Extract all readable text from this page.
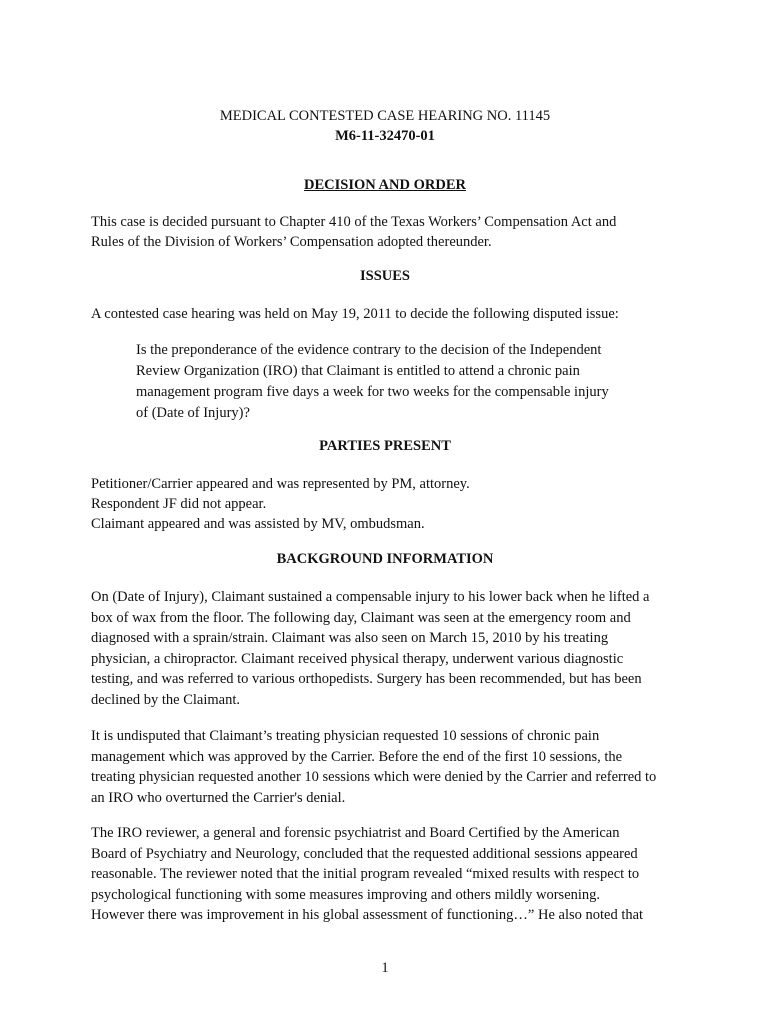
MEDICAL CONTESTED CASE HEARING NO. 11145
M6-11-32470-01
DECISION AND ORDER
This case is decided pursuant to Chapter 410 of the Texas Workers’ Compensation Act and
Rules of the Division of Workers’ Compensation adopted thereunder.
ISSUES
A contested case hearing was held on May 19, 2011 to decide the following disputed issue:
Is the preponderance of the evidence contrary to the decision of the Independent
Review Organization (IRO) that Claimant is entitled to attend a chronic pain
management program five days a week for two weeks for the compensable injury
of (Date of Injury)?
PARTIES PRESENT
Petitioner/Carrier appeared and was represented by PM, attorney.
Respondent JF did not appear.
Claimant appeared and was assisted by MV, ombudsman.
BACKGROUND INFORMATION
On (Date of Injury), Claimant sustained a compensable injury to his lower back when he lifted a
box of wax from the floor. The following day, Claimant was seen at the emergency room and
diagnosed with a sprain/strain. Claimant was also seen on March 15, 2010 by his treating
physician, a chiropractor. Claimant received physical therapy, underwent various diagnostic
testing, and was referred to various orthopedists. Surgery has been recommended, but has been
declined by the Claimant.
It is undisputed that Claimant’s treating physician requested 10 sessions of chronic pain
management which was approved by the Carrier. Before the end of the first 10 sessions, the
treating physician requested another 10 sessions which were denied by the Carrier and referred to
an IRO who overturned the Carrier's denial.
The IRO reviewer, a general and forensic psychiatrist and Board Certified by the American
Board of Psychiatry and Neurology, concluded that the requested additional sessions appeared
reasonable. The reviewer noted that the initial program revealed “mixed results with respect to
psychological functioning with some measures improving and others mildly worsening.
However there was improvement in his global assessment of functioning…” He also noted that
1
